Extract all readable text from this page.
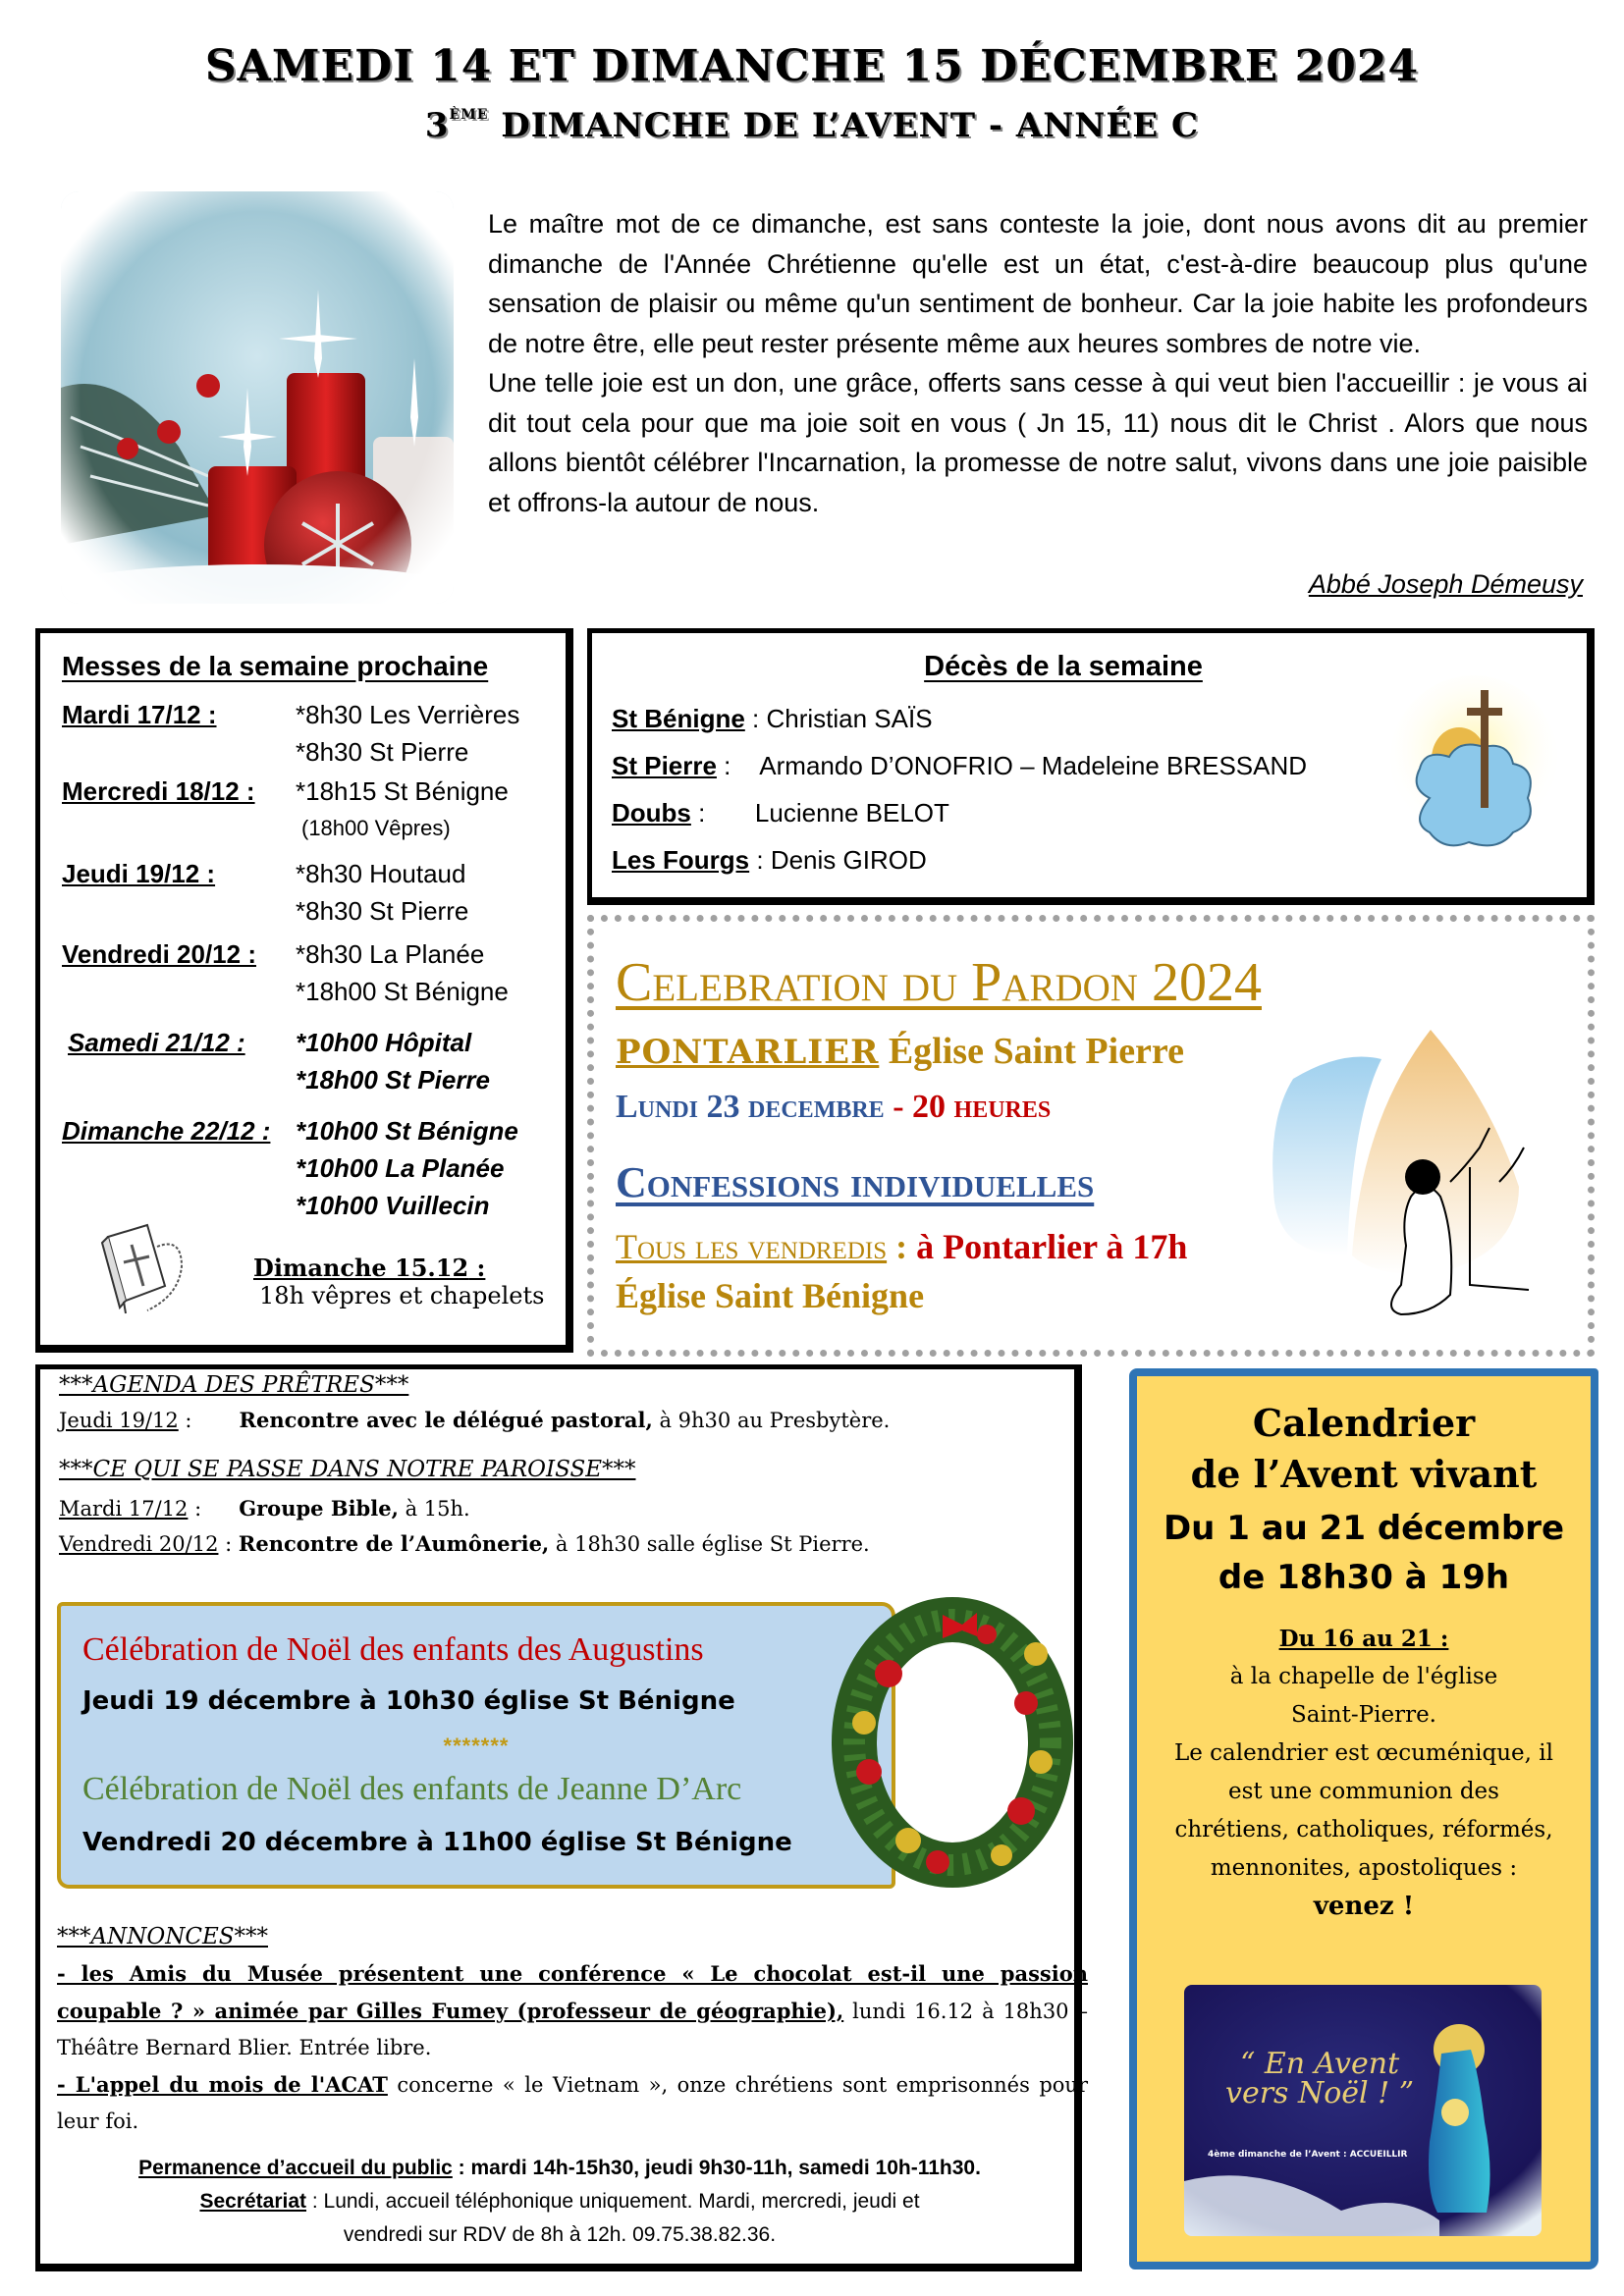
SAMEDI 14 ET DIMANCHE 15 DÉCEMBRE 2024
3ÈME DIMANCHE DE L’AVENT - ANNÉE C

Le maître mot de ce dimanche, est sans conteste la joie, dont nous avons dit au premier dimanche de l'Année Chrétienne qu'elle est un état, c'est-à-dire beaucoup plus qu'une sensation de plaisir ou même qu'un sentiment de bonheur. Car la joie habite les profondeurs de notre être, elle peut rester présente même aux heures sombres de notre vie.

Une telle joie est un don, une grâce, offerts sans cesse à qui veut bien l'accueillir : je vous ai dit tout cela pour que ma joie soit en vous ( Jn 15, 11) nous dit le Christ . Alors que nous allons bientôt célébrer l'Incarnation, la promesse de notre salut, vivons dans une joie paisible et offrons-la autour de nous.

Abbé Joseph Démeusy
Messes de la semaine prochaine
Mardi 17/12 :	*8h30 Les Verrières
*8h30 St Pierre
Mercredi 18/12 :	*18h15 St Bénigne
(18h00 Vêpres)
Jeudi 19/12 :	*8h30 Houtaud
*8h30 St Pierre
Vendredi 20/12 :	*8h30 La Planée
*18h00 St Bénigne
Samedi 21/12 :	*10h00 Hôpital
*18h00 St Pierre
Dimanche 22/12 : *10h00 St Bénigne
*10h00 La Planée
*10h00 Vuillecin
Dimanche 15.12 :
18h vêpres et chapelets
Décès de la semaine
St Bénigne : Christian SAÏS
St Pierre : Armando D’ONOFRIO – Madeleine BRESSAND
Doubs : Lucienne BELOT
Les Fourgs : Denis GIROD
Celebration du Pardon 2024
PONTARLIER Église Saint Pierre
Lundi 23 decembre - 20 heures
Confessions individuelles
Tous les vendredis : à Pontarlier à 17h
Église Saint Bénigne
***AGENDA DES PRÊTRES***
Jeudi 19/12 : Rencontre avec le délégué pastoral, à 9h30 au Presbytère.
***CE QUI SE PASSE DANS NOTRE PAROISSE***
Mardi 17/12 : Groupe Bible, à 15h.
Vendredi 20/12 : Rencontre de l’Aumônerie, à 18h30 salle église St Pierre.
Célébration de Noël des enfants des Augustins
Jeudi 19 décembre à 10h30 église St Bénigne
*******
Célébration de Noël des enfants de Jeanne D’Arc
Vendredi 20 décembre à 11h00 église St Bénigne
***ANNONCES***
- les Amis du Musée présentent une conférence « Le chocolat est-il une passion coupable ? » animée par Gilles Fumey (professeur de géographie), lundi 16.12 à 18h30 – Théâtre Bernard Blier. Entrée libre.
- L'appel du mois de l'ACAT concerne « le Vietnam », onze chrétiens sont emprisonnés pour leur foi.
Permanence d’accueil du public : mardi 14h-15h30, jeudi 9h30-11h, samedi 10h-11h30.
Secrétariat : Lundi, accueil téléphonique uniquement. Mardi, mercredi, jeudi et vendredi sur RDV de 8h à 12h. 09.75.38.82.36.
Calendrier
de l’Avent vivant
Du 1 au 21 décembre
de 18h30 à 19h
Du 16 au 21 :
à la chapelle de l'église Saint-Pierre.
Le calendrier est œcuménique, il est une communion des chrétiens, catholiques, réformés, mennonites, apostoliques :
venez !
“ En Avent
vers Noël ! ”
4ème dimanche de l’Avent : ACCUEILLIR
